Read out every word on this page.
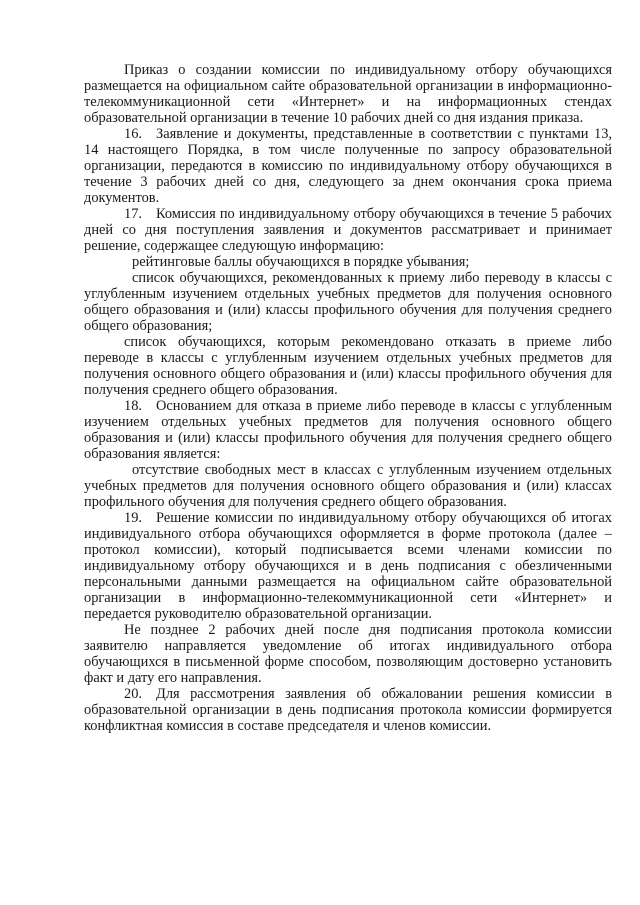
Приказ о создании комиссии по индивидуальному отбору обучающихся размещается на официальном сайте образовательной организации в информационно-телекоммуникационной сети «Интернет» и на информационных стендах образовательной организации в течение 10 рабочих дней со дня издания приказа.

16. Заявление и документы, представленные в соответствии с пунктами 13, 14 настоящего Порядка, в том числе полученные по запросу образовательной организации, передаются в комиссию по индивидуальному отбору обучающихся в течение 3 рабочих дней со дня, следующего за днем окончания срока приема документов.

17. Комиссия по индивидуальному отбору обучающихся в течение 5 рабочих дней со дня поступления заявления и документов рассматривает и принимает решение, содержащее следующую информацию:

рейтинговые баллы обучающихся в порядке убывания;

список обучающихся, рекомендованных к приему либо переводу в классы с углубленным изучением отдельных учебных предметов для получения основного общего образования и (или) классы профильного обучения для получения среднего общего образования;

список обучающихся, которым рекомендовано отказать в приеме либо переводе в классы с углубленным изучением отдельных учебных предметов для получения основного общего образования и (или) классы профильного обучения для получения среднего общего образования.

18. Основанием для отказа в приеме либо переводе в классы с углубленным изучением отдельных учебных предметов для получения основного общего образования и (или) классы профильного обучения для получения среднего общего образования является:

отсутствие свободных мест в классах с углубленным изучением отдельных учебных предметов для получения основного общего образования и (или) классах профильного обучения для получения среднего общего образования.

19. Решение комиссии по индивидуальному отбору обучающихся об итогах индивидуального отбора обучающихся оформляется в форме протокола (далее – протокол комиссии), который подписывается всеми членами комиссии по индивидуальному отбору обучающихся и в день подписания с обезличенными персональными данными размещается на официальном сайте образовательной организации в информационно-телекоммуникационной сети «Интернет» и передается руководителю образовательной организации.

Не позднее 2 рабочих дней после дня подписания протокола комиссии заявителю направляется уведомление об итогах индивидуального отбора обучающихся в письменной форме способом, позволяющим достоверно установить факт и дату его направления.

20. Для рассмотрения заявления об обжаловании решения комиссии в образовательной организации в день подписания протокола комиссии формируется конфликтная комиссия в составе председателя и членов комиссии.
